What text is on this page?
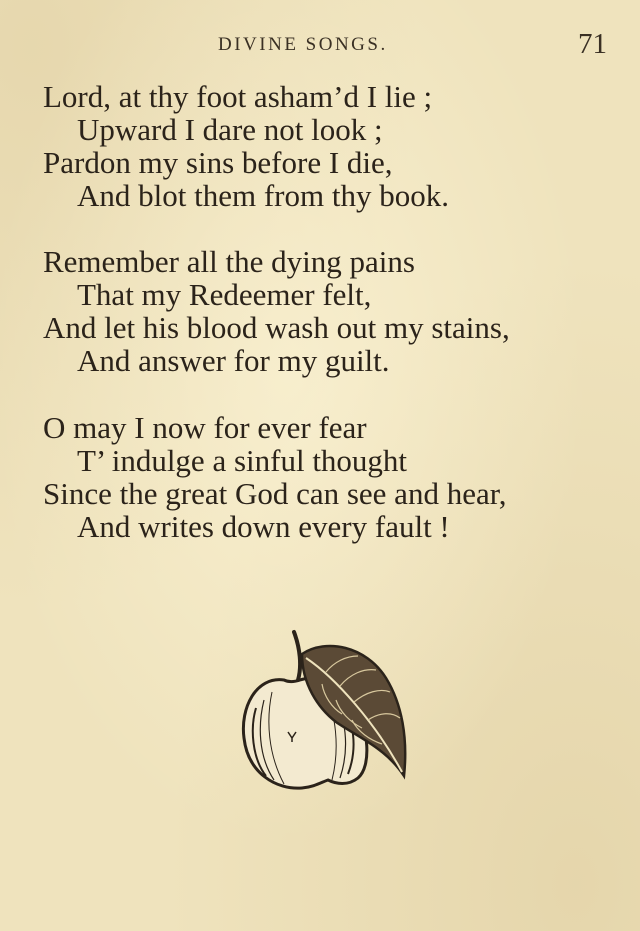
DIVINE SONGS.	71
Lord, at thy foot asham’d I lie ;
Upward I dare not look ;
Pardon my sins before I die,
And blot them from thy book.
Remember all the dying pains
That my Redeemer felt,
And let his blood wash out my stains,
And answer for my guilt.
O may I now for ever fear
T’ indulge a sinful thought
Since the great God can see and hear,
And writes down every fault !
